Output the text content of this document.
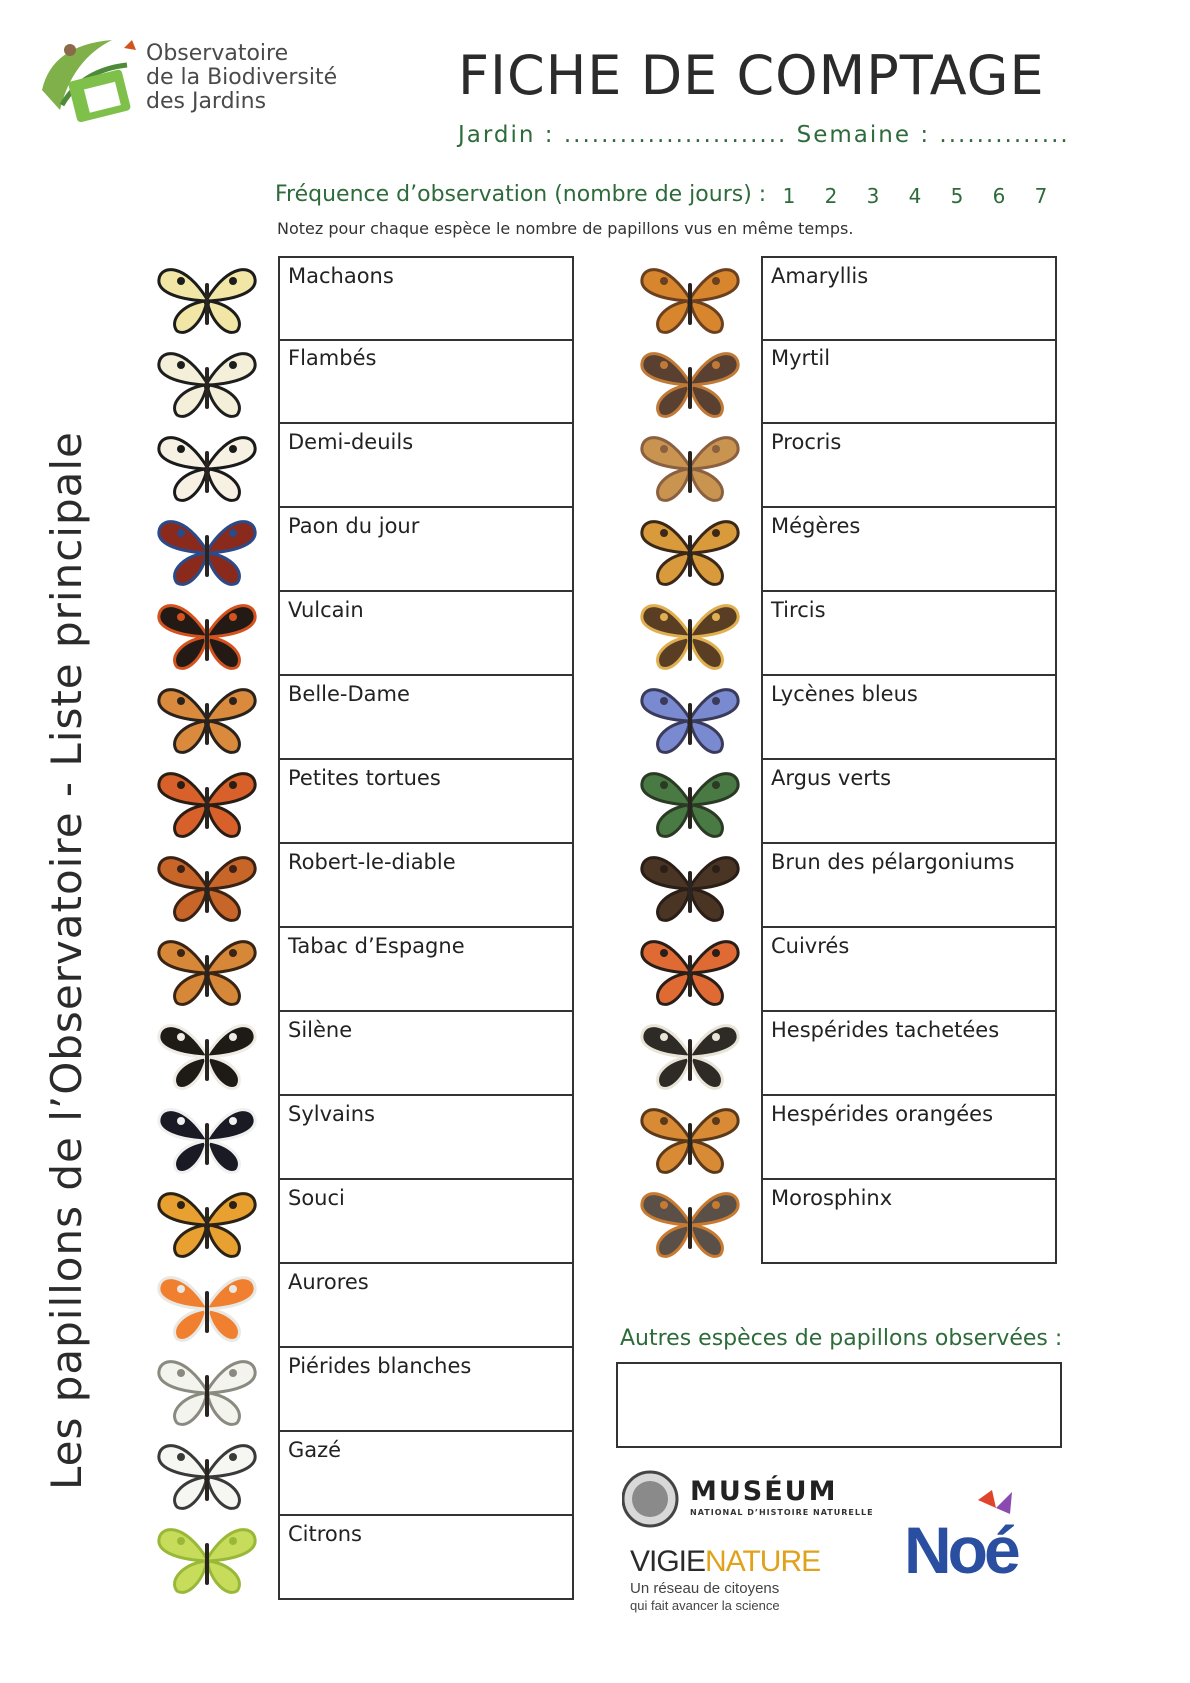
Observatoire
de la Biodiversité
des Jardins	FICHE DE COMPTAGE
Jardin : ........................ Semaine : ..............
Fréquence d’observation (nombre de jours) : 1 2 3 4 5 6 7
Notez pour chaque espèce le nombre de papillons vus en même temps.
Les papillons de l’Observatoire - Liste principale
Machaons
Flambés
Demi-deuils
Paon du jour
Vulcain
Belle-Dame
Petites tortues
Robert-le-diable
Tabac d’Espagne
Silène
Sylvains
Souci
Aurores
Piérides blanches
Gazé
Citrons
Amaryllis
Myrtil
Procris
Mégères
Tircis
Lycènes bleus
Argus verts
Brun des pélargoniums
Cuivrés
Hespérides tachetées
Hespérides orangées
Morosphinx
Autres espèces de papillons observées :
MUSÉUM
NATIONAL D’HISTOIRE NATURELLE
VIGIENATURE
Un réseau de citoyens
qui fait avancer la science
Noé
